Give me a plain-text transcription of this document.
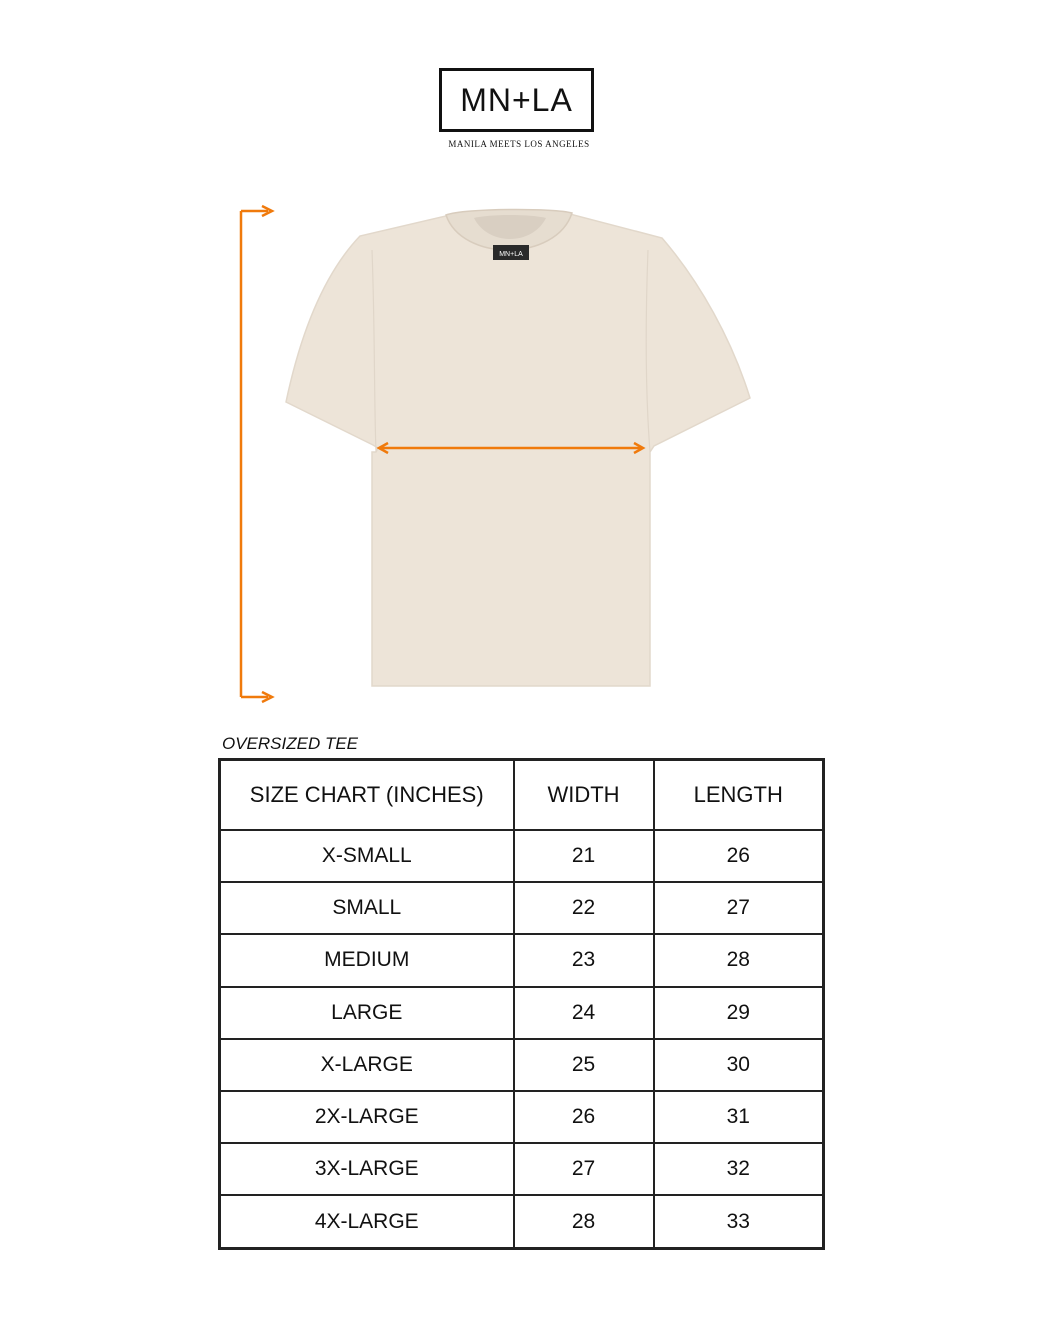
MN+LA
MANILA MEETS LOS ANGELES
MN+LA
OVERSIZED TEE
SIZE CHART (INCHES)	WIDTH	LENGTH
X-SMALL	21	26
SMALL	22	27
MEDIUM	23	28
LARGE	24	29
X-LARGE	25	30
2X-LARGE	26	31
3X-LARGE	27	32
4X-LARGE	28	33
